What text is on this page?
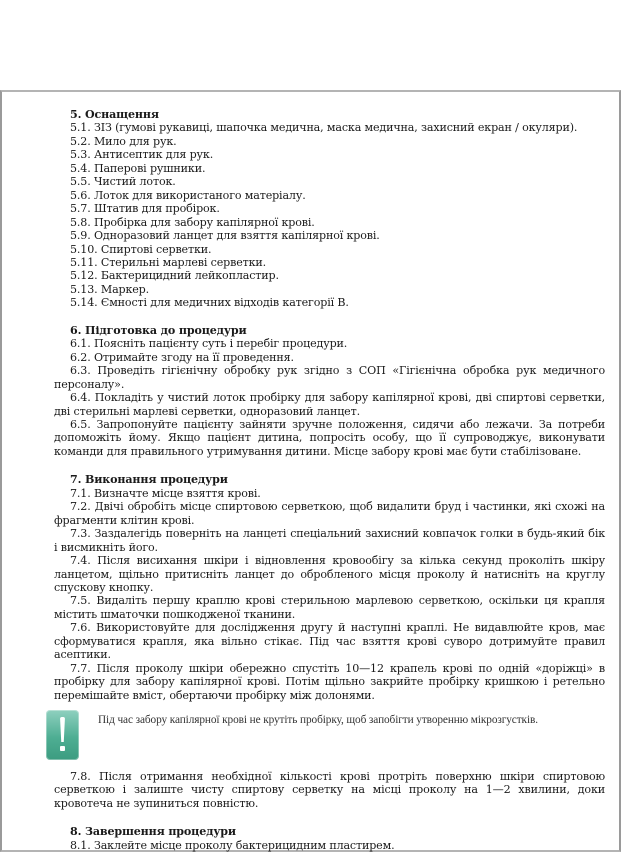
5. Оснащення

5.1. ЗІЗ (гумові рукавиці, шапочка медична, маска медична, захисний екран / окуляри).

5.2. Мило для рук.

5.3. Антисептик для рук.

5.4. Паперові рушники.

5.5. Чистий лоток.

5.6. Лоток для використаного матеріалу.

5.7. Штатив для пробірок.

5.8. Пробірка для забору капілярної крові.

5.9. Одноразовий ланцет для взяття капілярної крові.

5.10. Спиртові серветки.

5.11. Стерильні марлеві серветки.

5.12. Бактерицидний лейкопластир.

5.13. Маркер.

5.14. Ємності для медичних відходів категорії В.

6. Підготовка до процедури

6.1. Поясніть пацієнту суть і перебіг процедури.

6.2. Отримайте згоду на її проведення.

6.3. Проведіть гігієнічну обробку рук згідно з СОП «Гігієнічна обробка рук медичного персоналу».

6.4. Покладіть у чистий лоток пробірку для забору капілярної крові, дві спиртові серветки, дві стерильні марлеві серветки, одноразовий ланцет.

6.5. Запропонуйте пацієнту зайняти зручне положення, сидячи або лежачи. За потреби допоможіть йому. Якщо пацієнт дитина, попросіть особу, що її супроводжує, виконувати команди для правильного утримування дитини. Місце забору крові має бути стабілізоване.

7. Виконання процедури

7.1. Визначте місце взяття крові.

7.2. Двічі обробіть місце спиртовою серветкою, щоб видалити бруд і частинки, які схожі на фрагменти клітин крові.

7.3. Заздалегідь поверніть на ланцеті спеціальний захисний ковпачок голки в будь-який бік і висмикніть його.

7.4. Після висихання шкіри і відновлення кровообігу за кілька секунд проколіть шкіру ланцетом, щільно притисніть ланцет до обробленого місця проколу й натисніть на круглу спускову кнопку.

7.5. Видаліть першу краплю крові стерильною марлевою серветкою, оскільки ця крапля містить шматочки пошкодженої тканини.

7.6. Використовуйте для дослідження другу й наступні краплі. Не видавлюйте кров, має сформуватися крапля, яка вільно стікає. Під час взяття крові суворо дотримуйте правил асептики.

7.7. Після проколу шкіри обережно спустіть 10—12 крапель крові по одній «доріжці» в пробірку для забору капілярної крові. Потім щільно закрийте пробірку кришкою і ретельно перемішайте вміст, обертаючи пробірку між долонями.

Під час забору капілярної крові не крутіть пробірку, щоб запобігти утворенню мікрозгустків.

7.8. Після отримання необхідної кількості крові протріть поверхню шкіри спиртовою серветкою і залиште чисту спиртову серветку на місці проколу на 1—2 хвилини, доки кровотеча не зупиниться повністю.

8. Завершення процедури

8.1. Заклейте місце проколу бактерицидним пластирем.
